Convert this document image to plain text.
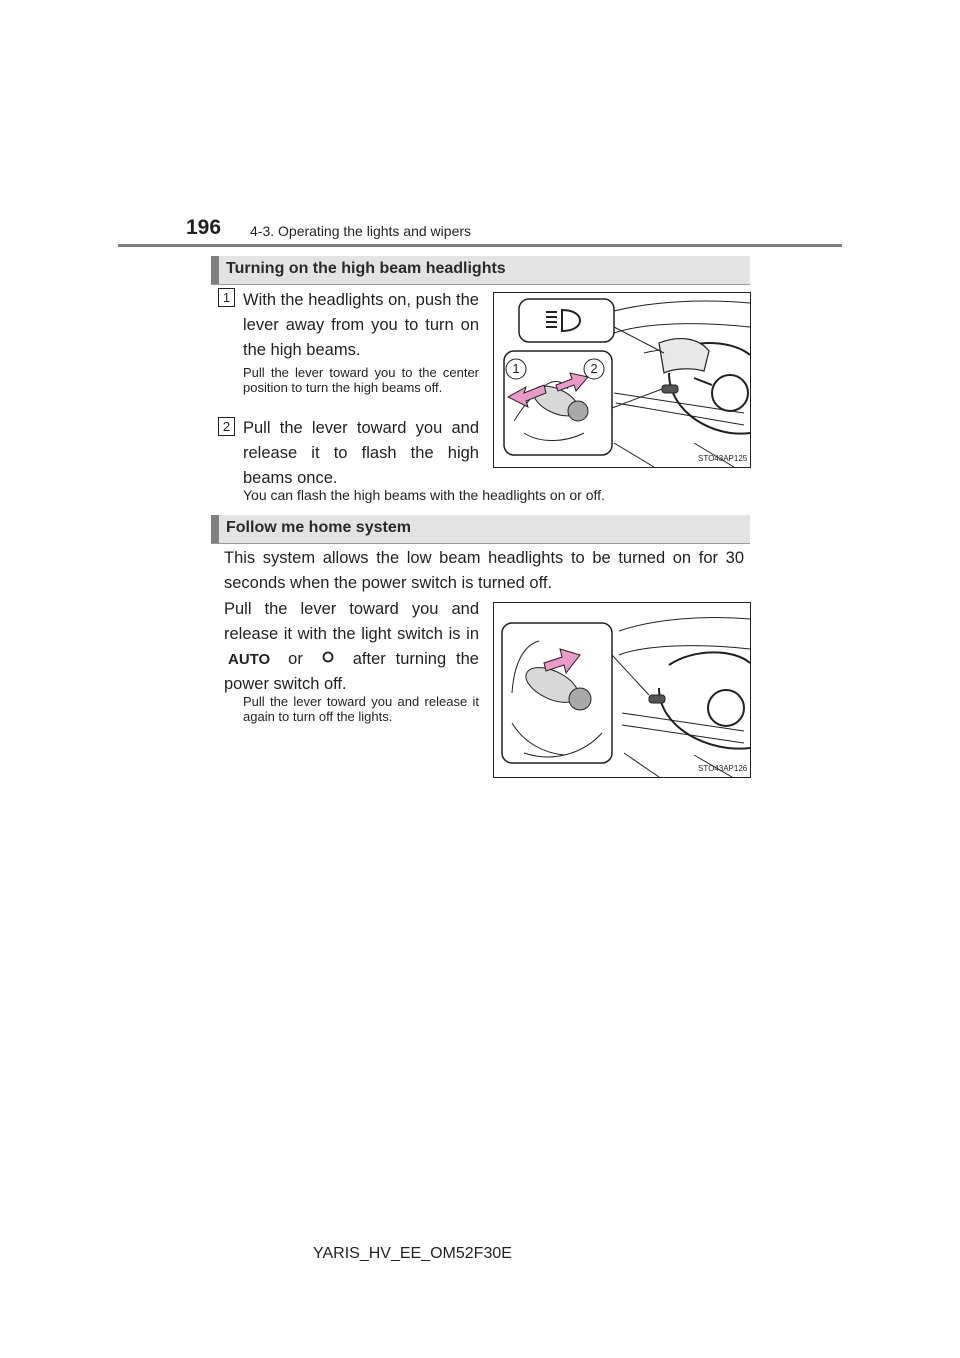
196 4-3. Operating the lights and wipers
Turning on the high beam headlights
1 With the headlights on, push the lever away from you to turn on the high beams.
Pull the lever toward you to the center position to turn the high beams off.
2 Pull the lever toward you and release it to flash the high beams once.
You can flash the high beams with the headlights on or off.
1	2
STO43AP125
Follow me home system
This system allows the low beam headlights to be turned on for 30 seconds when the power switch is turned off.
Pull the lever toward you and release it with the light switch is in AUTO or	after turning the power switch off.
Pull the lever toward you and release it again to turn off the lights.
STO43AP126
YARIS_HV_EE_OM52F30E
